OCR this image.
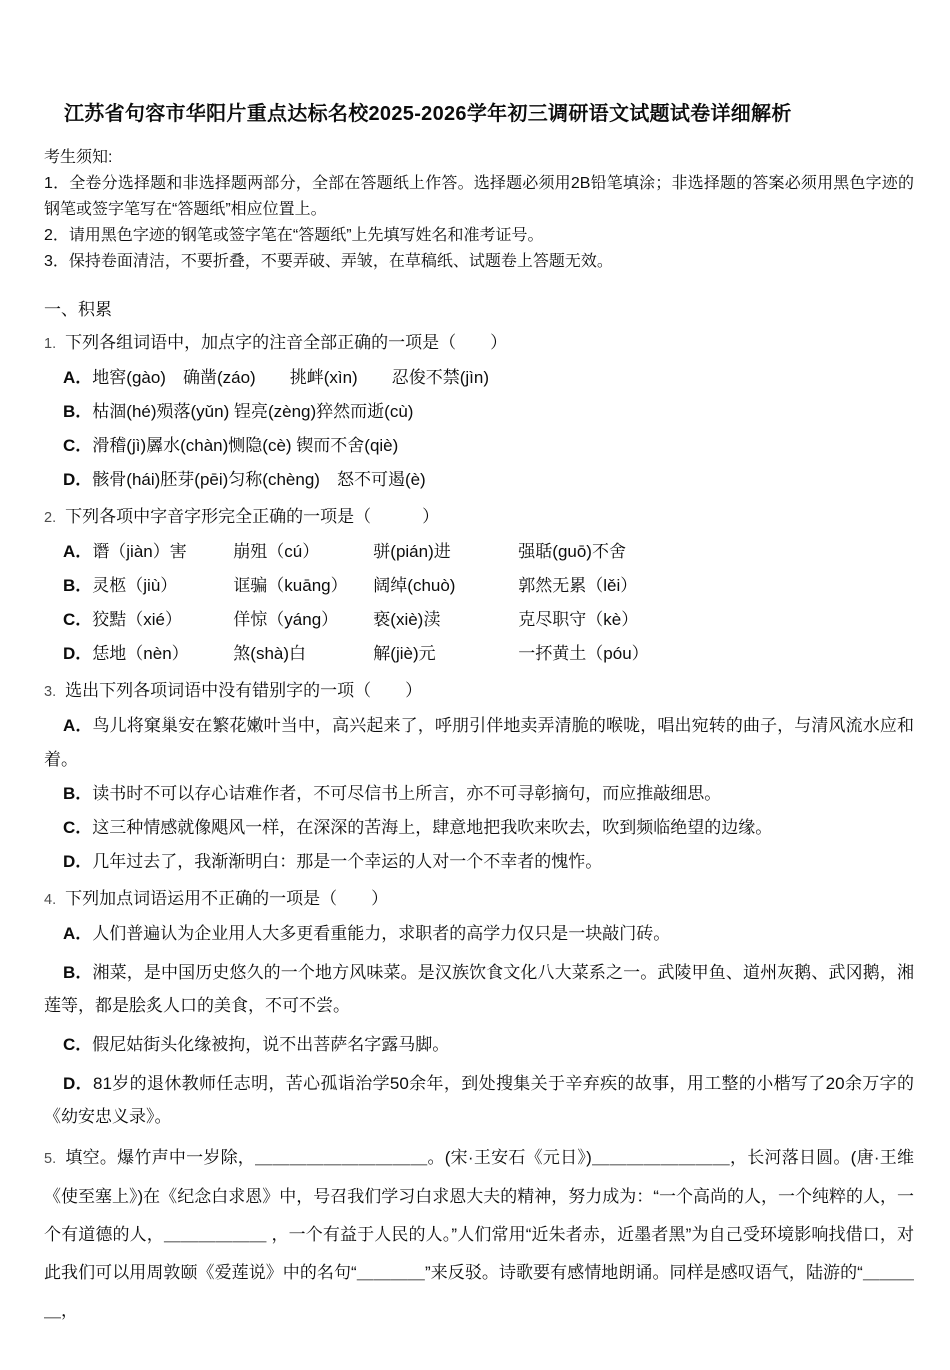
江苏省句容市华阳片重点达标名校2025-2026学年初三调研语文试题试卷详细解析

考生须知:

1．全卷分选择题和非选择题两部分，全部在答题纸上作答。选择题必须用2B铅笔填涂；非选择题的答案必须用黑色字迹的钢笔或签字笔写在“答题纸”相应位置上。

2．请用黑色字迹的钢笔或签字笔在“答题纸”上先填写姓名和准考证号。

3．保持卷面清洁，不要折叠，不要弄破、弄皱，在草稿纸、试题卷上答题无效。

一、积累

1. 下列各组词语中，加点字的注音全部正确的一项是（　　）

A．地窖(gào)　确凿(záo)　　挑衅(xìn)　　忍俊不禁(jìn)

B．枯涸(hé)殒落(yǔn) 锃亮(zèng)猝然而逝(cù)

C．滑稽(jì)羼水(chàn)恻隐(cè) 锲而不舍(qiè)

D．骸骨(hái)胚芽(pēi)匀称(chèng)　怒不可遏(è)

2. 下列各项中字音字形完全正确的一项是（　　　）

A． 谮（jiàn）害	崩殂（cú）	骈(pián)进	强聒(guō)不舍

B． 灵柩（jiù）	诓骗（kuāng）	阔绰(chuò)	郭然无累（lěi）

C． 狡黠（xié）	佯惊（yáng）	亵(xiè)渎	克尽职守（kè）

D． 恁地（nèn）	煞(shà)白	解(jiè)元	一抔黄土（póu）

3. 选出下列各项词语中没有错别字的一项（　　）

A．鸟儿将窠巢安在繁花嫩叶当中，高兴起来了，呼朋引伴地卖弄清脆的喉咙，唱出宛转的曲子，与清风流水应和着。

B．读书时不可以存心诘难作者，不可尽信书上所言，亦不可寻彰摘句，而应推敲细思。

C．这三种情感就像飓风一样，在深深的苦海上，肆意地把我吹来吹去，吹到频临绝望的边缘。

D．几年过去了，我渐渐明白：那是一个幸运的人对一个不幸者的愧怍。

4. 下列加点词语运用不正确的一项是（　　）

A．人们普遍认为企业用人大多更看重能力，求职者的高学力仅只是一块敲门砖。

B．湘菜，是中国历史悠久的一个地方风味菜。是汉族饮食文化八大菜系之一。武陵甲鱼、道州灰鹅、武冈鹅，湘莲等，都是脍炙人口的美食，不可不尝。

C．假尼姑街头化缘被拘，说不出菩萨名字露马脚。

D．81岁的退休教师任志明，苦心孤诣治学50余年，到处搜集关于辛弃疾的故事，用工整的小楷写了20余万字的《幼安忠义录》。

5. 填空。爆竹声中一岁除，＿＿＿＿＿＿＿＿＿＿。(宋·王安石《元日》)＿＿＿＿＿＿＿＿，长河落日圆。(唐·王维《使至塞上》)在《纪念白求恩》中，号召我们学习白求恩大夫的精神，努力成为：“一个高尚的人，一个纯粹的人，一个有道德的人，＿＿＿＿＿＿ ，一个有益于人民的人。”人们常用“近朱者赤，近墨者黑”为自己受环境影响找借口，对此我们可以用周敦颐《爱莲说》中的名句“＿＿＿＿”来反驳。诗歌要有感情地朗诵。同样是感叹语气，陆游的“＿＿＿＿，
